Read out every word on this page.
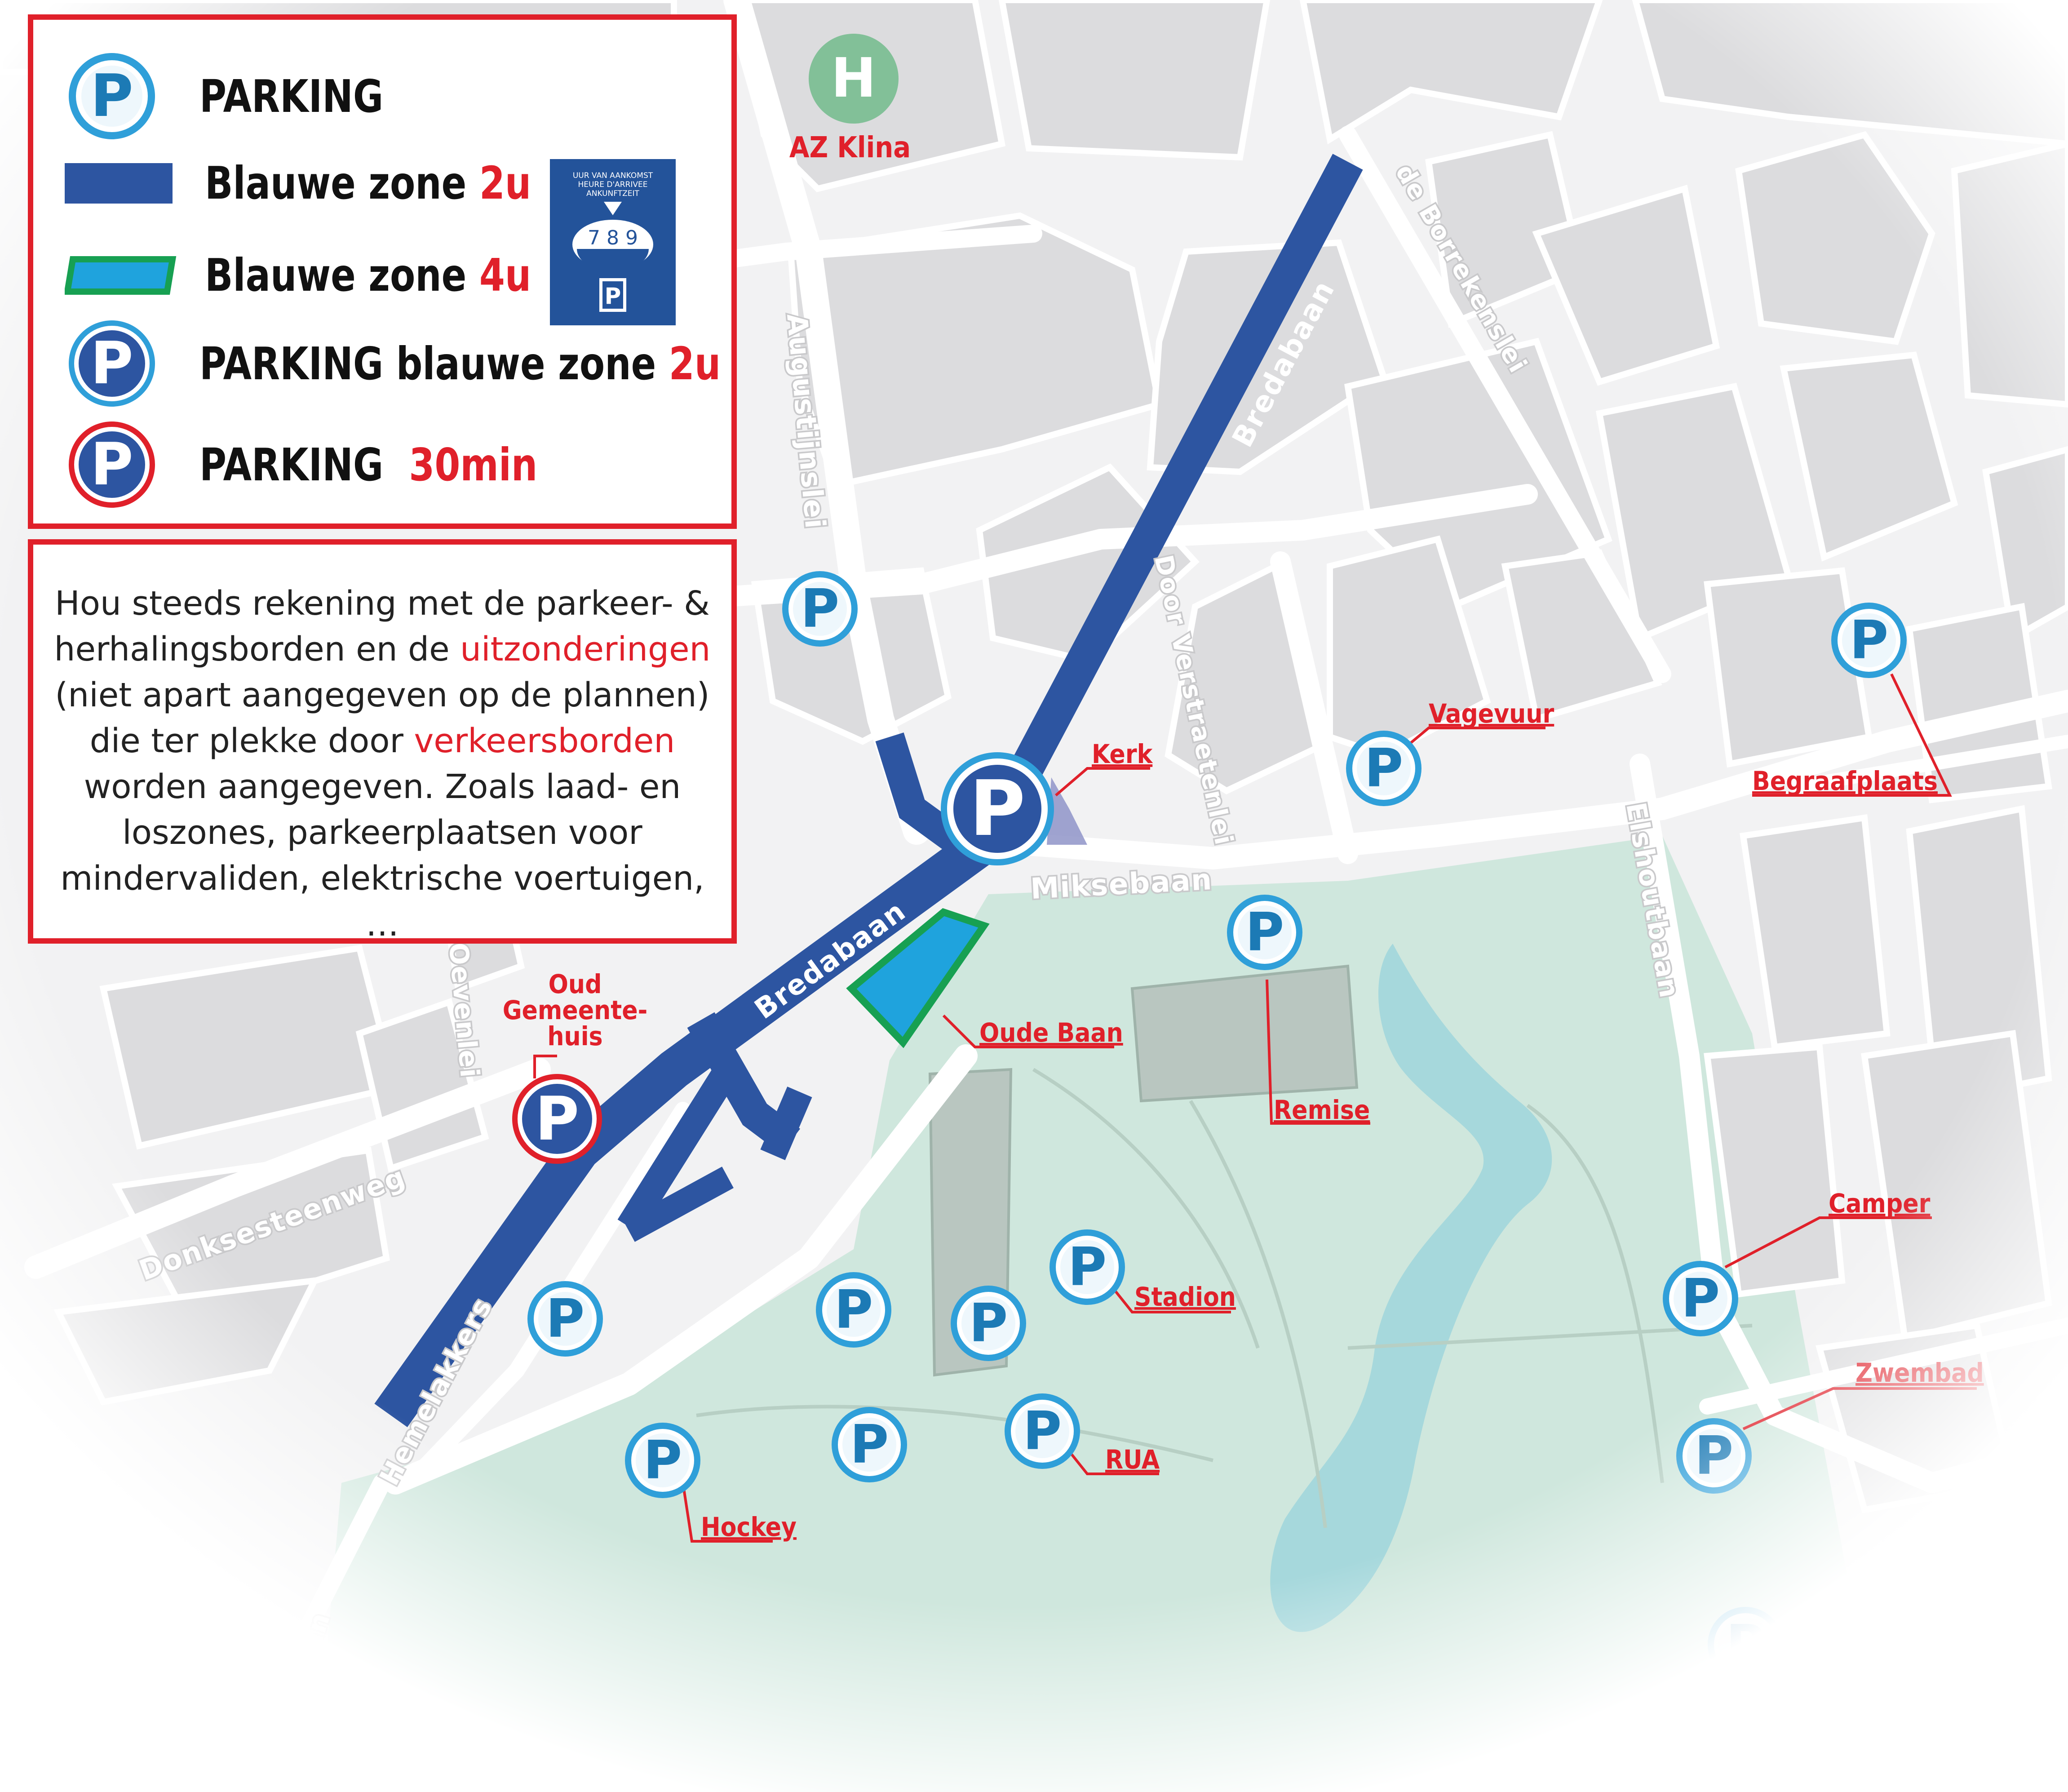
P PARKING
Blauwe zone 2u
Blauwe zone 4u
P PARKING blauwe zone 2u
P PARKING 30min
UUR VAN AANKOMST
HEURE D'ARRIVEE
ANKUNFTZEIT
7 8 9
P
Hou steeds rekening met de parkeer- & herhalingsborden en de uitzonderingen (niet apart aangegeven op de plannen) die ter plekke door verkeersborden worden aangegeven. Zoals laad- en loszones, parkeerplaatsen voor mindervaliden, elektrische voertuigen, …
